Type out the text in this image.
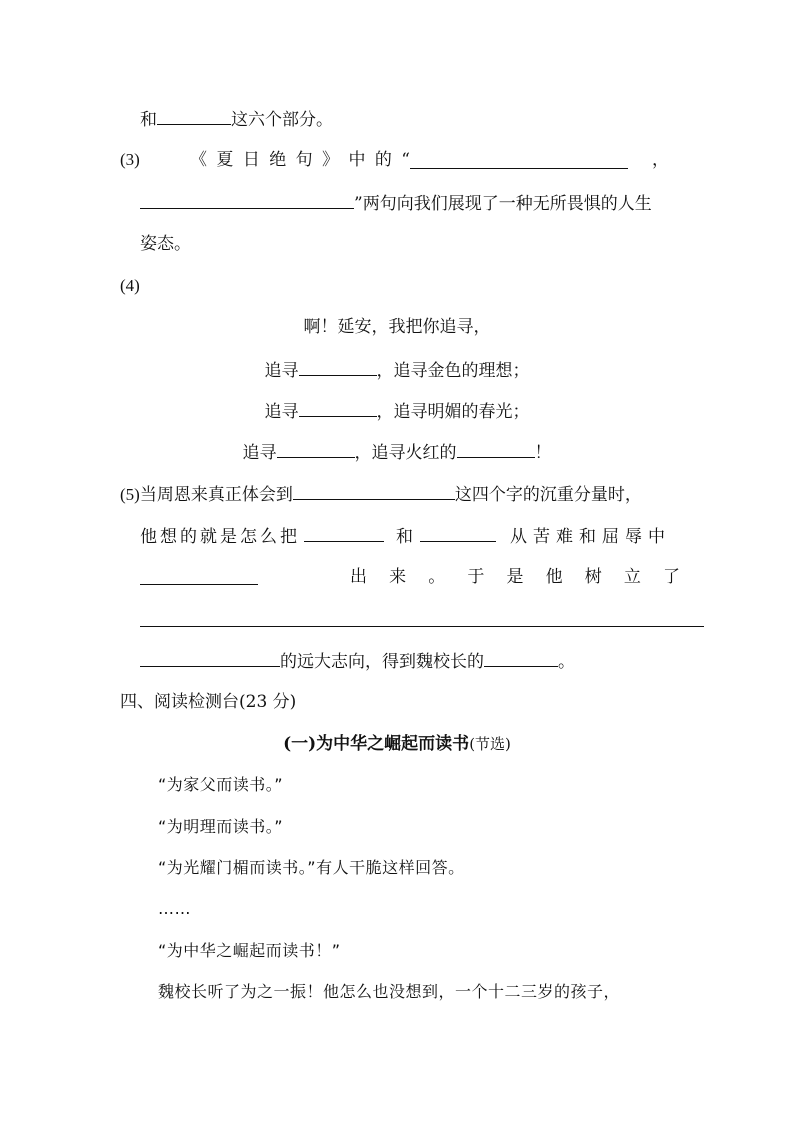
和	这六个部分。
(3)	《 夏 日 绝 句 》 中 的 “	，
”两句向我们展现了一种无所畏惧的人生
姿态。
(4)
啊！延安，我把你追寻，
追寻	，追寻金色的理想；
追寻	，追寻明媚的春光；
追寻	，追寻火红的	！
(5)当周恩来真正体会到	这四个字的沉重分量时，
他想的就是怎么把	和	从苦难和屈辱中
出 来 。 于 是 他 树 立 了
的远大志向，得到魏校长的	。
四、阅读检测台(23 分)
(一)为中华之崛起而读书(节选)
“为家父而读书。”
“为明理而读书。”
“为光耀门楣而读书。”有人干脆这样回答。
……
“为中华之崛起而读书！”
魏校长听了为之一振！他怎么也没想到，一个十二三岁的孩子，
